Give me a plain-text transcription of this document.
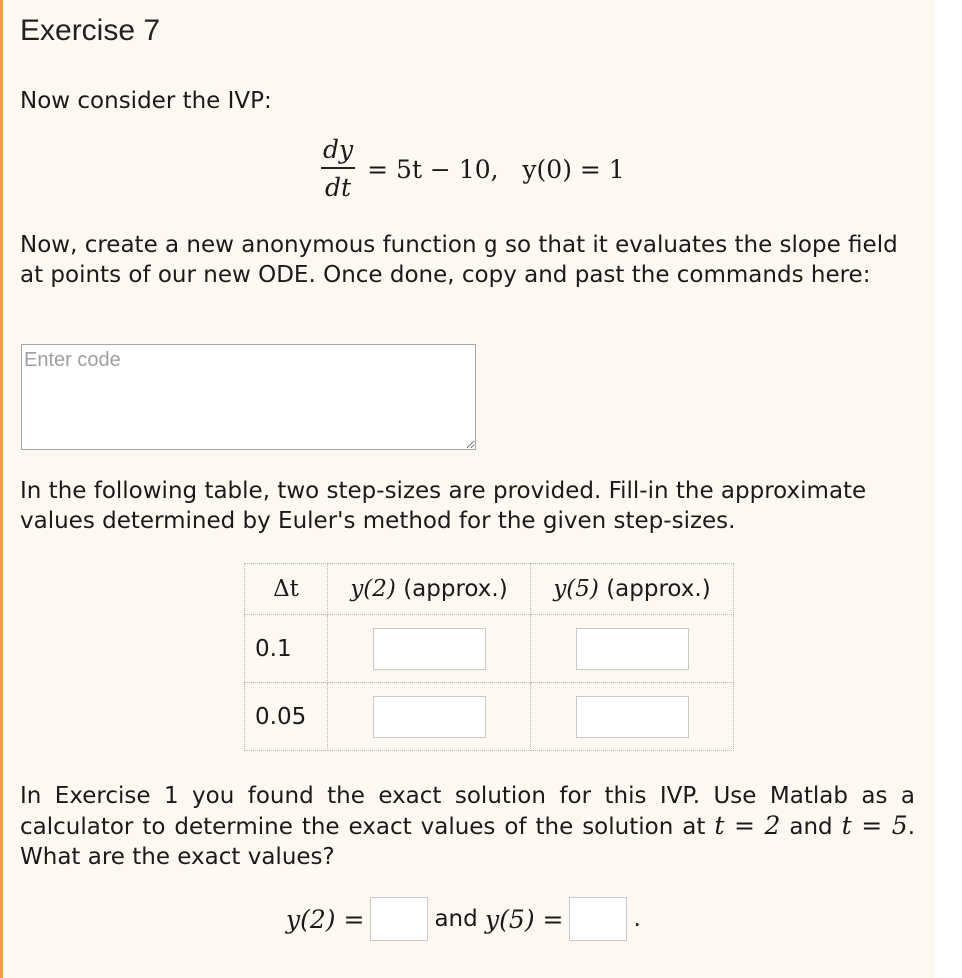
Exercise 7

Now consider the IVP:

$\frac{dy}{dt} = 5t - 10$,   y(0) = 1

Now, create a new anonymous function g so that it evaluates the slope field at points of our new ODE. Once done, copy and past the commands here:

Enter code

In the following table, two step-sizes are provided. Fill-in the approximate values determined by Euler's method for the given step-sizes.

Δt	y(2) (approx.)	y(5) (approx.)
0.1	

0.05	

In Exercise 1 you found the exact solution for this IVP. Use Matlab as a calculator to determine the exact values of the solution at t = 2 and t = 5. What are the exact values?

y(2) =	and
y(5) =	.
